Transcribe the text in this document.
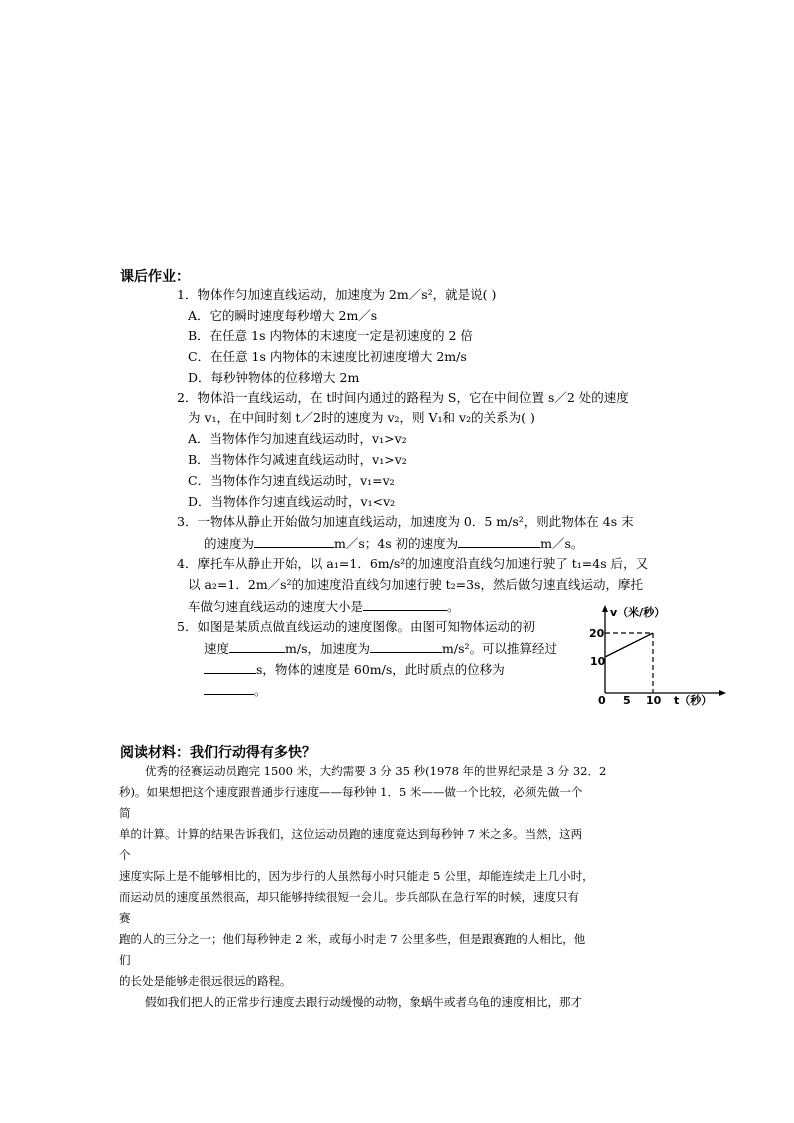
课后作业：
1．物体作匀加速直线运动，加速度为 2m／s²，就是说( )
A．它的瞬时速度每秒增大 2m／s
B．在任意 1s 内物体的末速度一定是初速度的 2 倍
C．在任意 1s 内物体的末速度比初速度增大 2m/s
D．每秒钟物体的位移增大 2m
2．物体沿一直线运动，在 t时间内通过的路程为 S，它在中间位置 s／2 处的速度
为 v₁，在中间时刻 t／2时的速度为 v₂，则 V₁和 v₂的关系为( )
A．当物体作匀加速直线运动时，v₁>v₂
B．当物体作匀减速直线运动时，v₁>v₂
C．当物体作匀速直线运动时，v₁=v₂
D．当物体作匀速直线运动时，v₁<v₂
3．一物体从静止开始做匀加速直线运动，加速度为 0．5 m/s²，则此物体在 4s 末
的速度为	m／s；4s 初的速度为	m／s。
4．摩托车从静止开始，以 a₁=1．6m/s²的加速度沿直线匀加速行驶了 t₁=4s 后，又
以 a₂=1．2m／s²的加速度沿直线匀加速行驶 t₂=3s，然后做匀速直线运动，摩托
车做匀速直线运动的速度大小是	。
5．如图是某质点做直线运动的速度图像。由图可知物体运动的初
速度	m/s，加速度为	m/s²。可以推算经过
s，物体的速度是 60m/s，此时质点的位移为
。
v（米/秒）
20
10
0 5 10 t（秒）
阅读材料：我们行动得有多快？
优秀的径赛运动员跑完 1500 米，大约需要 3 分 35 秒(1978 年的世界纪录是 3 分 32．2
秒)。如果想把这个速度跟普通步行速度——每秒钟 1．5 米——做一个比较，必须先做一个
简
单的计算。计算的结果告诉我们，这位运动员跑的速度竟达到每秒钟 7 米之多。当然，这两
个
速度实际上是不能够相比的，因为步行的人虽然每小时只能走 5 公里，却能连续走上几小时，
而运动员的速度虽然很高，却只能够持续很短一会儿。步兵部队在急行军的时候，速度只有
赛
跑的人的三分之一；他们每秒钟走 2 米，或每小时走 7 公里多些，但是跟赛跑的人相比，他
们
的长处是能够走很远很远的路程。
假如我们把人的正常步行速度去跟行动缓慢的动物，象蜗牛或者乌龟的速度相比，那才
